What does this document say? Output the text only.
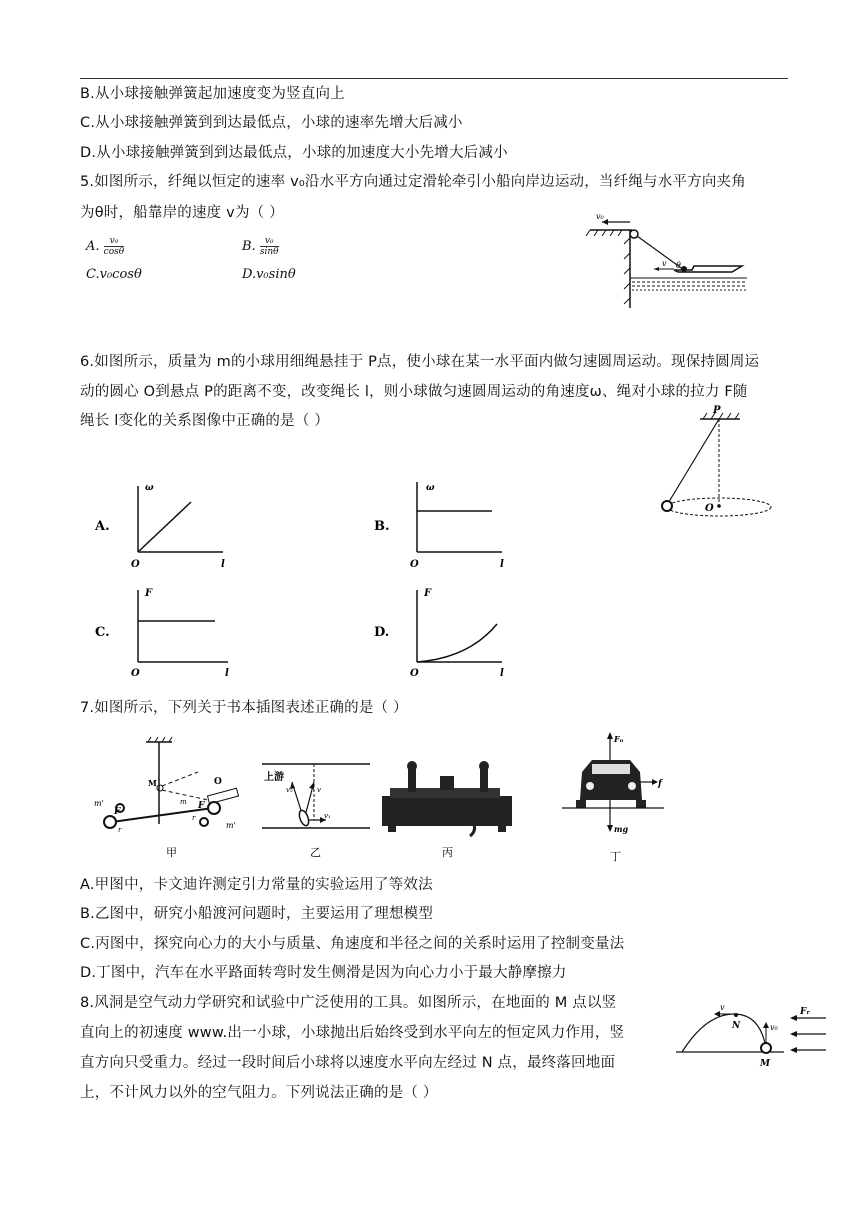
B.从小球接触弹簧起加速度变为竖直向上
C.从小球接触弹簧到到达最低点，小球的速率先增大后减小
D.从小球接触弹簧到到达最低点，小球的加速度大小先增大后减小
5.如图所示，纤绳以恒定的速率 v₀沿水平方向通过定滑轮牵引小船向岸边运动，当纤绳与水平方向夹角
为θ时，船靠岸的速度 v为（ ）
A. $\frac{\text{v₀}}{\cos\theta}$	B. $\frac{\text{v₀}}{\sin\theta}$
C.v₀cosθ	D.v₀sinθ
v₀
v θ
6.如图所示，质量为 m的小球用细绳悬挂于 P点，使小球在某一水平面内做匀速圆周运动。现保持圆周运
动的圆心 O到悬点 P的距离不变，改变绳长 l，则小球做匀速圆周运动的角速度ω、绳对小球的拉力 F随
绳长 l变化的关系图像中正确的是（ ）
P
O
A.
ω
O	l
B.
ω
O	l
C.
F
O	l
D.
F
O	l
7.如图所示，下列关于书本插图表述正确的是（ ）
M	O
m'
m'
F
F
r
r
m
甲
上游
v₂	v
v₁
乙	丙
Fₙ
f
mg
丁
A.甲图中，卡文迪许测定引力常量的实验运用了等效法
B.乙图中，研究小船渡河问题时，主要运用了理想模型
C.丙图中，探究向心力的大小与质量、角速度和半径之间的关系时运用了控制变量法
D.丁图中，汽车在水平路面转弯时发生侧滑是因为向心力小于最大静摩擦力
8.风洞是空气动力学研究和试验中广泛使用的工具。如图所示，在地面的 M 点以竖
直向上的初速度 www.出一小球，小球抛出后始终受到水平向左的恒定风力作用，竖
直方向只受重力。经过一段时间后小球将以速度水平向左经过 N 点，最终落回地面
上，不计风力以外的空气阻力。下列说法正确的是（ ）
v
N	v₀
M
Fᵣ
